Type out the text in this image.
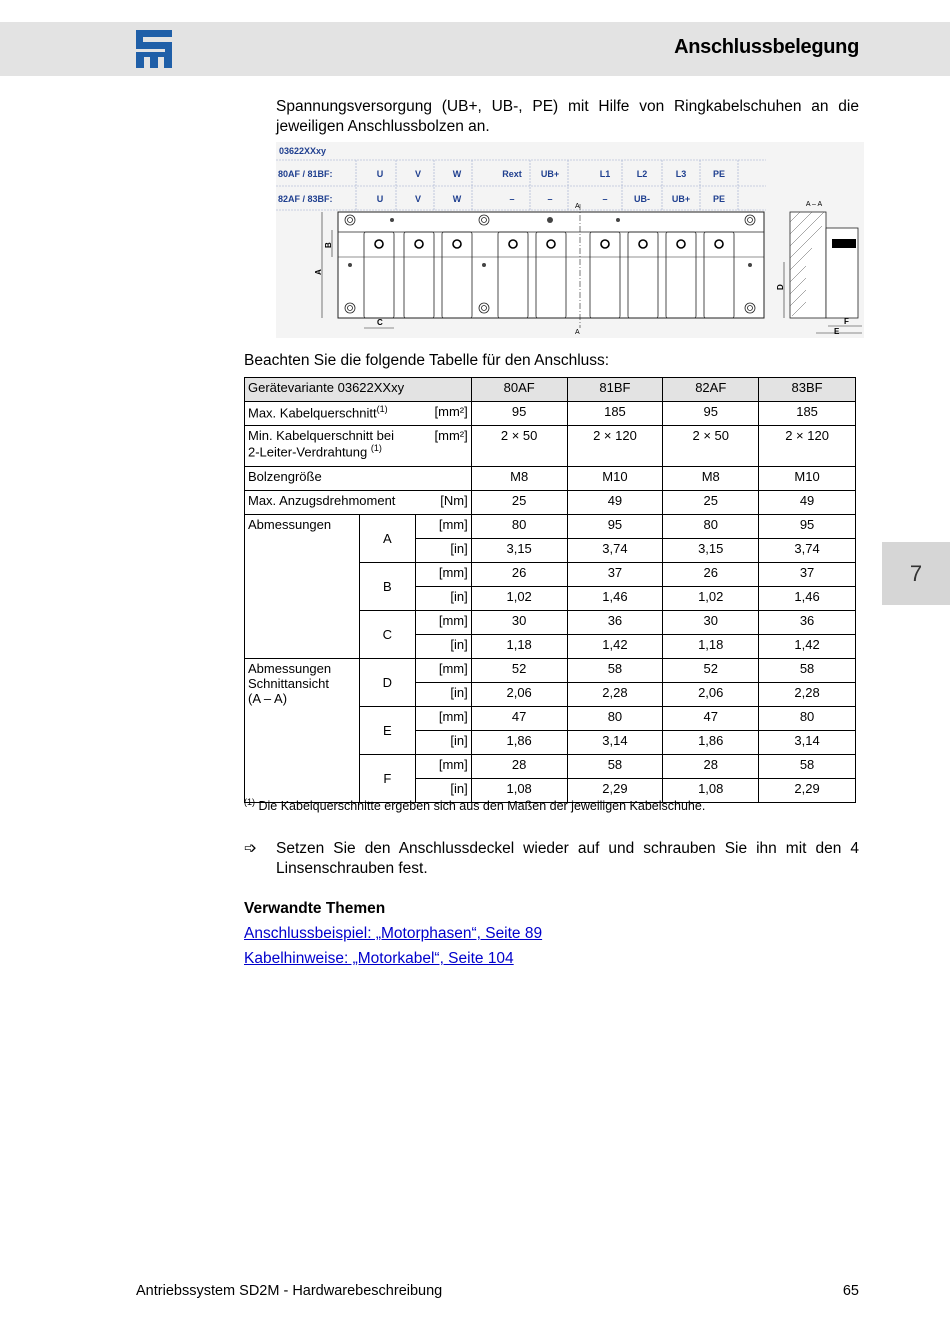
Anschlussbelegung
7
Spannungsversorgung (UB+, UB-, PE) mit Hilfe von Ringkabelschuhen an die jeweiligen Anschlussbolzen an.
03622XXxy
80AF / 81BF:
82AF / 83BF:
U	V	W	Rext UB+	L1	L2	L3	PE
U	V	W	–	–	–	UB- UB+	PE
A
B
C
A
A
A – A
D
F
E
Beachten Sie die folgende Tabelle für den Anschluss:
Gerätevariante 03622XXxy			80AF	81BF	82AF	83BF
Max. Kabelquerschnitt$^{(1)}$		[mm²]	95	185	95	185
Min. Kabelquerschnitt bei
2-Leiter-Verdrahtung $^{(1)}$		[mm²]	2 × 50	2 × 120	2 × 50	2 × 120
Bolzengröße			M8	M10	M8	M10
Max. Anzugsdrehmoment		[Nm]	25	49	25	49
Abmessungen	A	[mm]	80	95	80	95
		[in]	3,15	3,74	3,15	3,74
	B	[mm]	26	37	26	37
		[in]	1,02	1,46	1,02	1,46
	C	[mm]	30	36	30	36
		[in]	1,18	1,42	1,18	1,42
Abmessungen
Schnittansicht
(A – A)	D	[mm]	52	58	52	58
		[in]	2,06	2,28	2,06	2,28
	E	[mm]	47	80	47	80
		[in]	1,86	3,14	1,86	3,14
	F	[mm]	28	58	28	58
		[in]	1,08	2,29	1,08	2,29
$^{(1)}$ Die Kabelquerschnitte ergeben sich aus den Maßen der jeweiligen Kabelschuhe.
➩ Setzen Sie den Anschlussdeckel wieder auf und schrauben Sie ihn mit den 4 Linsenschrauben fest.
Verwandte Themen
Anschlussbeispiel: „Motorphasen“, Seite 89
Kabelhinweise: „Motorkabel“, Seite 104
Antriebssystem SD2M - Hardwarebeschreibung	65
